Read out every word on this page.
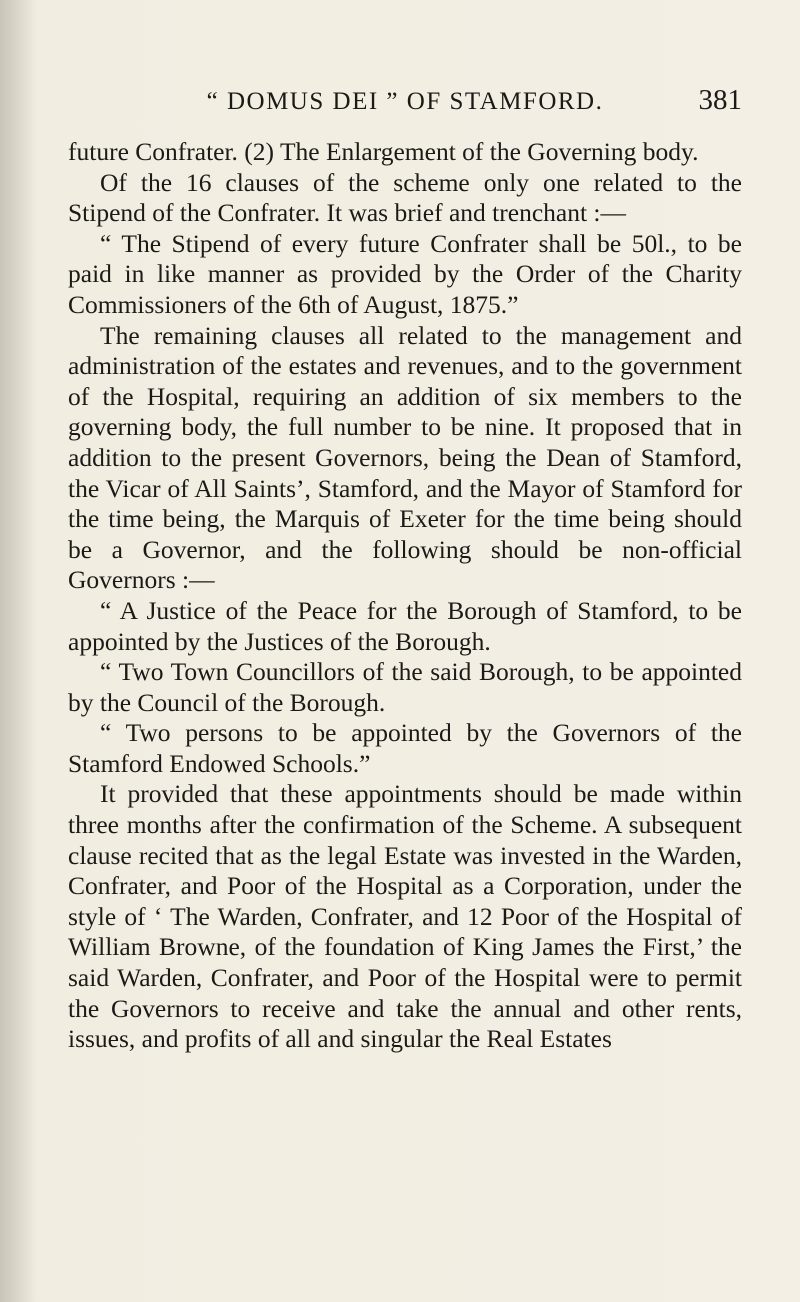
“ DOMUS DEI ” OF STAMFORD.	381

future Confrater. (2) The Enlargement of the Governing body.

Of the 16 clauses of the scheme only one related to the Stipend of the Confrater. It was brief and trenchant :—

“ The Stipend of every future Confrater shall be 50l., to be paid in like manner as provided by the Order of the Charity Commissioners of the 6th of August, 1875.”

The remaining clauses all related to the management and administration of the estates and revenues, and to the government of the Hospital, requiring an addition of six members to the governing body, the full number to be nine. It proposed that in addition to the present Governors, being the Dean of Stamford, the Vicar of All Saints’, Stamford, and the Mayor of Stamford for the time being, the Marquis of Exeter for the time being should be a Governor, and the following should be non-official Governors :—

“ A Justice of the Peace for the Borough of Stamford, to be appointed by the Justices of the Borough.

“ Two Town Councillors of the said Borough, to be appointed by the Council of the Borough.

“ Two persons to be appointed by the Governors of the Stamford Endowed Schools.”

It provided that these appointments should be made within three months after the confirmation of the Scheme. A subsequent clause recited that as the legal Estate was invested in the Warden, Confrater, and Poor of the Hospital as a Corporation, under the style of ‘ The Warden, Confrater, and 12 Poor of the Hospital of William Browne, of the foundation of King James the First,’ the said Warden, Confrater, and Poor of the Hospital were to permit the Governors to receive and take the annual and other rents, issues, and profits of all and singular the Real Estates
